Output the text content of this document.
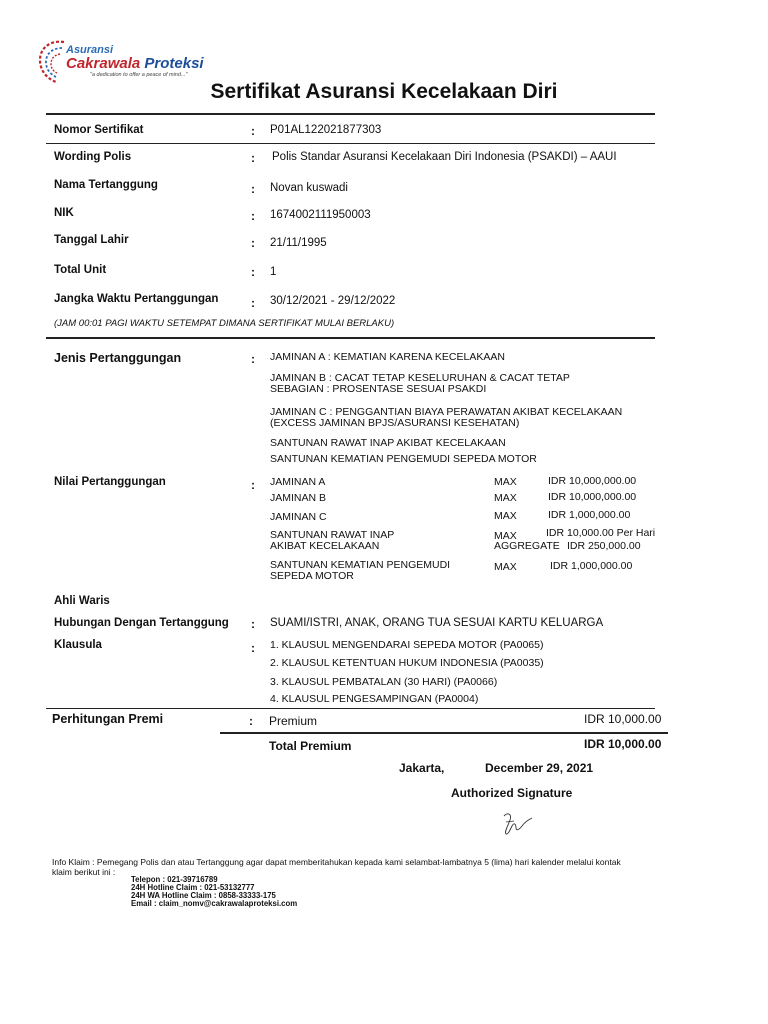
Asuransi
Cakrawala Proteksi
"a dedication to offer a peace of mind..."
Sertifikat Asuransi Kecelakaan Diri
Nomor Sertifikat	: P01AL122021877303
Wording Polis	: Polis Standar Asuransi Kecelakaan Diri Indonesia (PSAKDI) – AAUI
Nama Tertanggung	: Novan kuswadi
NIK	: 1674002111950003
Tanggal Lahir	: 21/11/1995
Total Unit	: 1
Jangka Waktu Pertanggungan	: 30/12/2021 - 29/12/2022
(JAM 00:01 PAGI WAKTU SETEMPAT DIMANA SERTIFIKAT MULAI BERLAKU)
Jenis Pertanggungan	: JAMINAN A : KEMATIAN KARENA KECELAKAAN
JAMINAN B : CACAT TETAP KESELURUHAN & CACAT TETAP
SEBAGIAN : PROSENTASE SESUAI PSAKDI
JAMINAN C : PENGGANTIAN BIAYA PERAWATAN AKIBAT KECELAKAAN
(EXCESS JAMINAN BPJS/ASURANSI KESEHATAN)
SANTUNAN RAWAT INAP AKIBAT KECELAKAAN
SANTUNAN KEMATIAN PENGEMUDI SEPEDA MOTOR
Nilai Pertanggungan	: JAMINAN A	MAX	IDR 10,000,000.00
JAMINAN B	MAX	IDR 10,000,000.00
JAMINAN C	MAX	IDR 1,000,000.00
SANTUNAN RAWAT INAP
AKIBAT KECELAKAAN
MAX	IDR 10,000.00 Per Hari
AGGREGATE IDR 250,000.00
SANTUNAN KEMATIAN PENGEMUDI
SEPEDA MOTOR
MAX	IDR 1,000,000.00
Ahli Waris
Hubungan Dengan Tertanggung : SUAMI/ISTRI, ANAK, ORANG TUA SESUAI KARTU KELUARGA
Klausula	: 1. KLAUSUL MENGENDARAI SEPEDA MOTOR (PA0065)
2. KLAUSUL KETENTUAN HUKUM INDONESIA (PA0035)
3. KLAUSUL PEMBATALAN (30 HARI) (PA0066)
4. KLAUSUL PENGESAMPINGAN (PA0004)
Perhitungan Premi	: Premium	IDR 10,000.00
Total Premium	IDR 10,000.00
Jakarta,	December 29, 2021
Authorized Signature
Info Klaim : Pemegang Polis dan atau Tertanggung agar dapat memberitahukan kepada kami selambat-lambatnya 5 (lima) hari kalender melalui kontak
klaim berikut ini :
Telepon : 021-39716789
24H Hotline Claim : 021-53132777
24H WA Hotline Claim : 0858-33333-175
Email : claim_nomv@cakrawalaproteksi.com
